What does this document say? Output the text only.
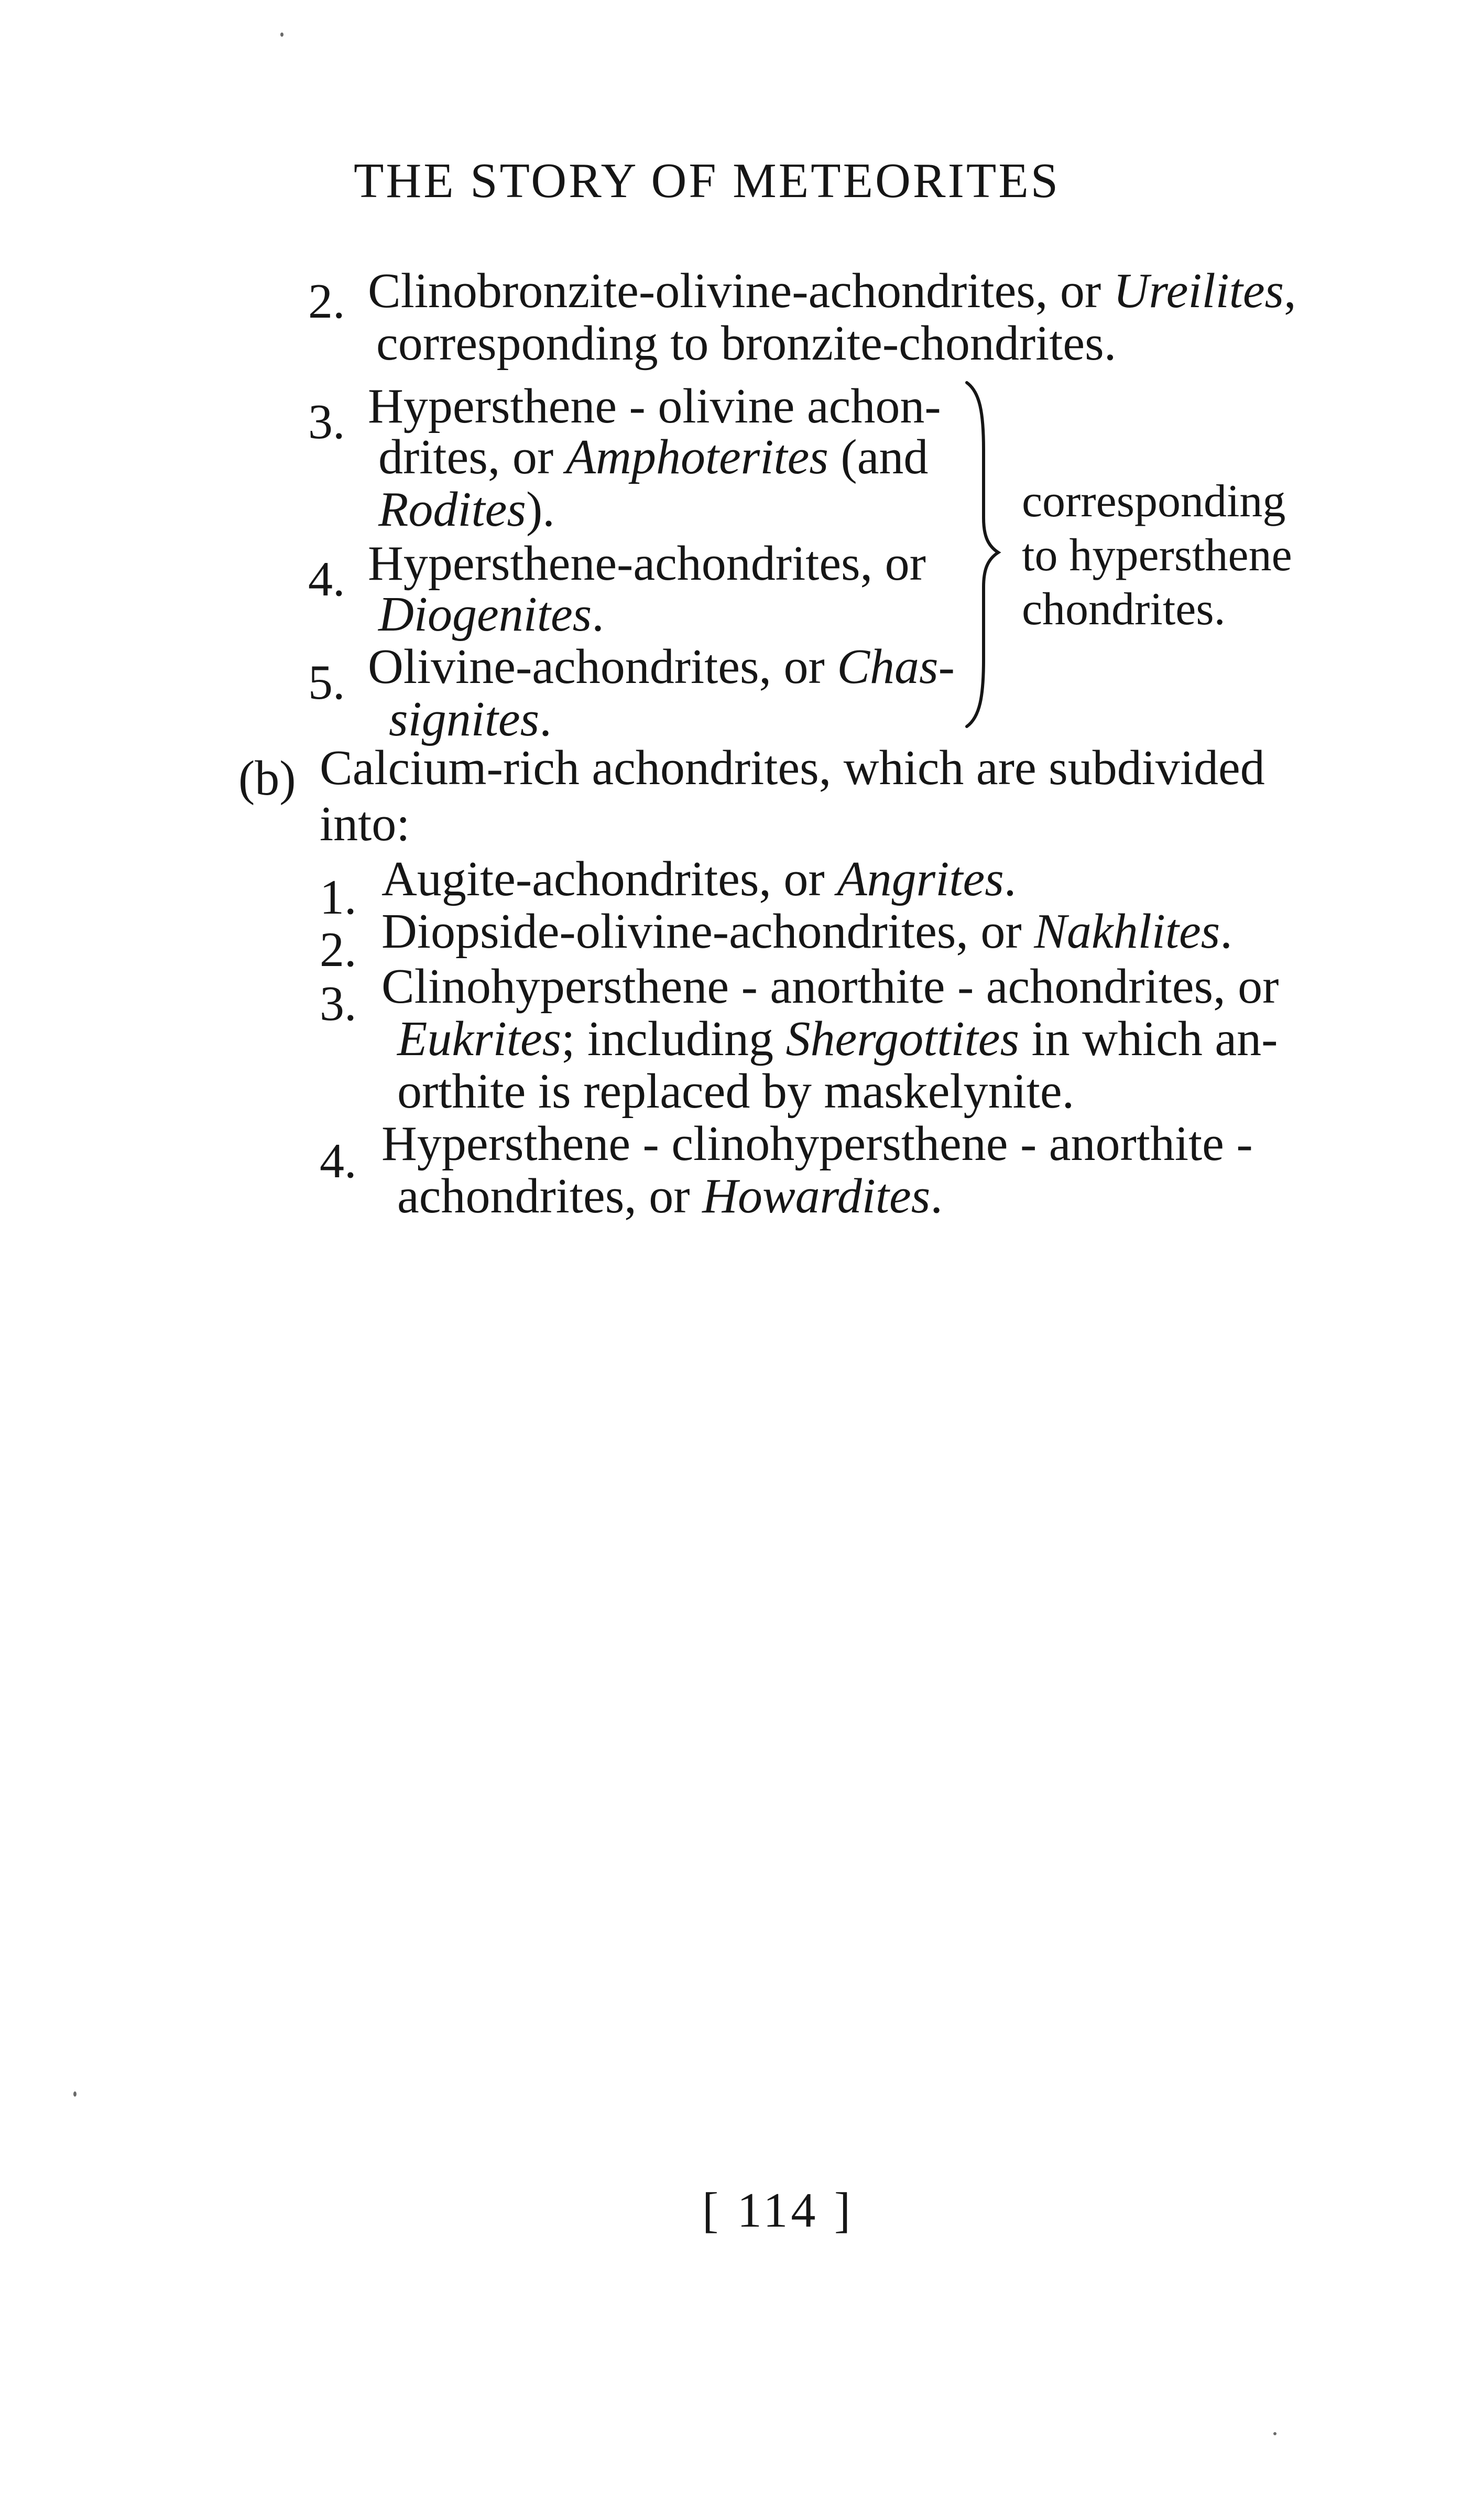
THE STORY OF METEORITES
2. Clinobronzite-olivine-achondrites, or Ureilites,
corresponding to bronzite-chondrites.
3. Hypersthene - olivine achon-
drites, or Amphoterites (and
Rodites).
4. Hypersthene-achondrites, or
Diogenites.
5. Olivine-achondrites, or Chas-
signites.
corresponding
to hypersthene
chondrites.
(b) Calcium-rich achondrites, which are subdivided
into:
1. Augite-achondrites, or Angrites.
2. Diopside-olivine-achondrites, or Nakhlites.
3. Clinohypersthene - anorthite - achondrites, or
Eukrites; including Shergottites in which an-
orthite is replaced by maskelynite.
4. Hypersthene - clinohypersthene - anorthite -
achondrites, or Howardites.
[ 114 ]
